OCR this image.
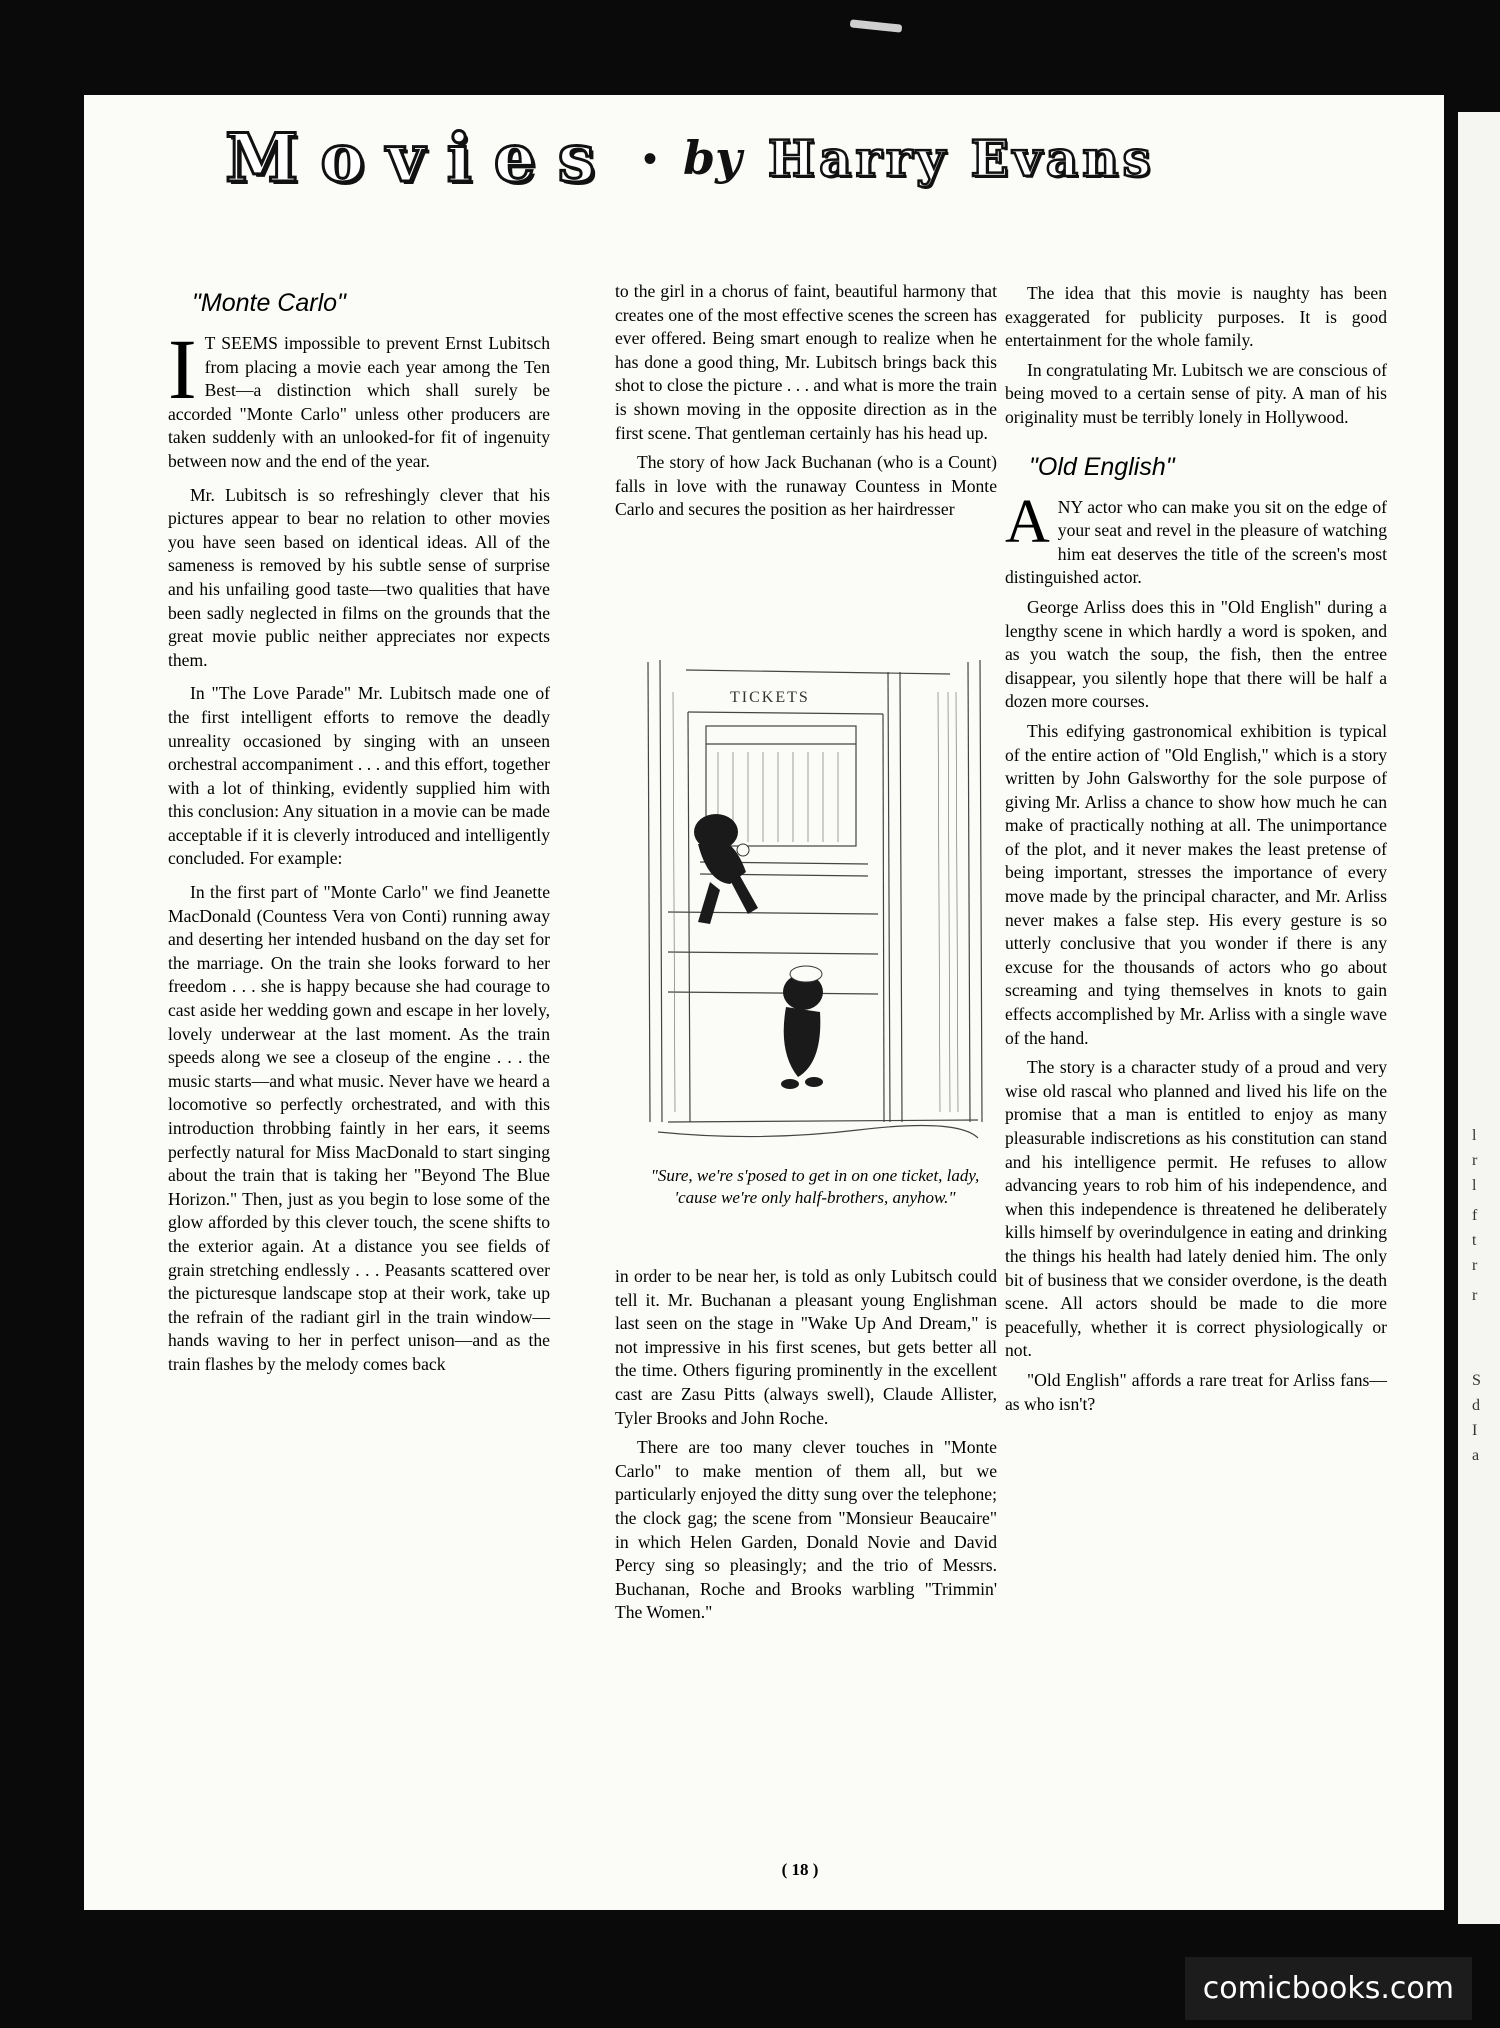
l
r
l
f
t
r
r
S
d
I
a
Movies • by Harry Evans
"Monte Carlo"

I T SEEMS impossible to prevent Ernst Lubitsch from placing a movie each year among the Ten Best—a distinction which shall surely be accorded "Monte Carlo" unless other producers are taken suddenly with an unlooked-for fit of ingenuity between now and the end of the year.

Mr. Lubitsch is so refreshingly clever that his pictures appear to bear no relation to other movies you have seen based on identical ideas. All of the sameness is removed by his subtle sense of surprise and his unfailing good taste—two qualities that have been sadly neglected in films on the grounds that the great movie public neither appreciates nor expects them.

In "The Love Parade" Mr. Lubitsch made one of the first intelligent efforts to remove the deadly unreality occasioned by singing with an unseen orchestral accompaniment . . . and this effort, together with a lot of thinking, evidently supplied him with this conclusion: Any situation in a movie can be made acceptable if it is cleverly introduced and intelligently concluded. For example:

In the first part of "Monte Carlo" we find Jeanette MacDonald (Countess Vera von Conti) running away and deserting her intended husband on the day set for the marriage. On the train she looks forward to her freedom . . . she is happy because she had courage to cast aside her wedding gown and escape in her lovely, lovely underwear at the last moment. As the train speeds along we see a closeup of the engine . . . the music starts—and what music. Never have we heard a locomotive so perfectly orchestrated, and with this introduction throbbing faintly in her ears, it seems perfectly natural for Miss MacDonald to start singing about the train that is taking her "Beyond The Blue Horizon." Then, just as you begin to lose some of the glow afforded by this clever touch, the scene shifts to the exterior again. At a distance you see fields of grain stretching endlessly . . . Peasants scattered over the picturesque landscape stop at their work, take up the refrain of the radiant girl in the train window—hands waving to her in perfect unison—and as the train flashes by the melody comes back

to the girl in a chorus of faint, beautiful harmony that creates one of the most effective scenes the screen has ever offered. Being smart enough to realize when he has done a good thing, Mr. Lubitsch brings back this shot to close the picture . . . and what is more the train is shown moving in the opposite direction as in the first scene. That gentleman certainly has his head up.

The story of how Jack Buchanan (who is a Count) falls in love with the runaway Countess in Monte Carlo and secures the position as her hairdresser

TICKETS
"Sure, we're s'posed to get in on one ticket, lady, 'cause we're only half-brothers, anyhow."

in order to be near her, is told as only Lubitsch could tell it. Mr. Buchanan a pleasant young Englishman last seen on the stage in "Wake Up And Dream," is not impressive in his first scenes, but gets better all the time. Others figuring prominently in the excellent cast are Zasu Pitts (always swell), Claude Allister, Tyler Brooks and John Roche.

There are too many clever touches in "Monte Carlo" to make mention of them all, but we particularly enjoyed the ditty sung over the telephone; the clock gag; the scene from "Monsieur Beaucaire" in which Helen Garden, Donald Novie and David Percy sing so pleasingly; and the trio of Messrs. Buchanan, Roche and Brooks warbling "Trimmin' The Women."

The idea that this movie is naughty has been exaggerated for publicity purposes. It is good entertainment for the whole family.

In congratulating Mr. Lubitsch we are conscious of being moved to a certain sense of pity. A man of his originality must be terribly lonely in Hollywood.

"Old English"

ANY actor who can make you sit on the edge of your seat and revel in the pleasure of watching him eat deserves the title of the screen's most distinguished actor.

George Arliss does this in "Old English" during a lengthy scene in which hardly a word is spoken, and as you watch the soup, the fish, then the entree disappear, you silently hope that there will be half a dozen more courses.

This edifying gastronomical exhibition is typical of the entire action of "Old English," which is a story written by John Galsworthy for the sole purpose of giving Mr. Arliss a chance to show how much he can make of practically nothing at all. The unimportance of the plot, and it never makes the least pretense of being important, stresses the importance of every move made by the principal character, and Mr. Arliss never makes a false step. His every gesture is so utterly conclusive that you wonder if there is any excuse for the thousands of actors who go about screaming and tying themselves in knots to gain effects accomplished by Mr. Arliss with a single wave of the hand.

The story is a character study of a proud and very wise old rascal who planned and lived his life on the promise that a man is entitled to enjoy as many pleasurable indiscretions as his constitution can stand and his intelligence permit. He refuses to allow advancing years to rob him of his independence, and when this independence is threatened he deliberately kills himself by overindulgence in eating and drinking the things his health had lately denied him. The only bit of business that we consider overdone, is the death scene. All actors should be made to die more peacefully, whether it is correct physiologically or not.

"Old English" affords a rare treat for Arliss fans—as who isn't?

( 18 )
comicbooks.com
